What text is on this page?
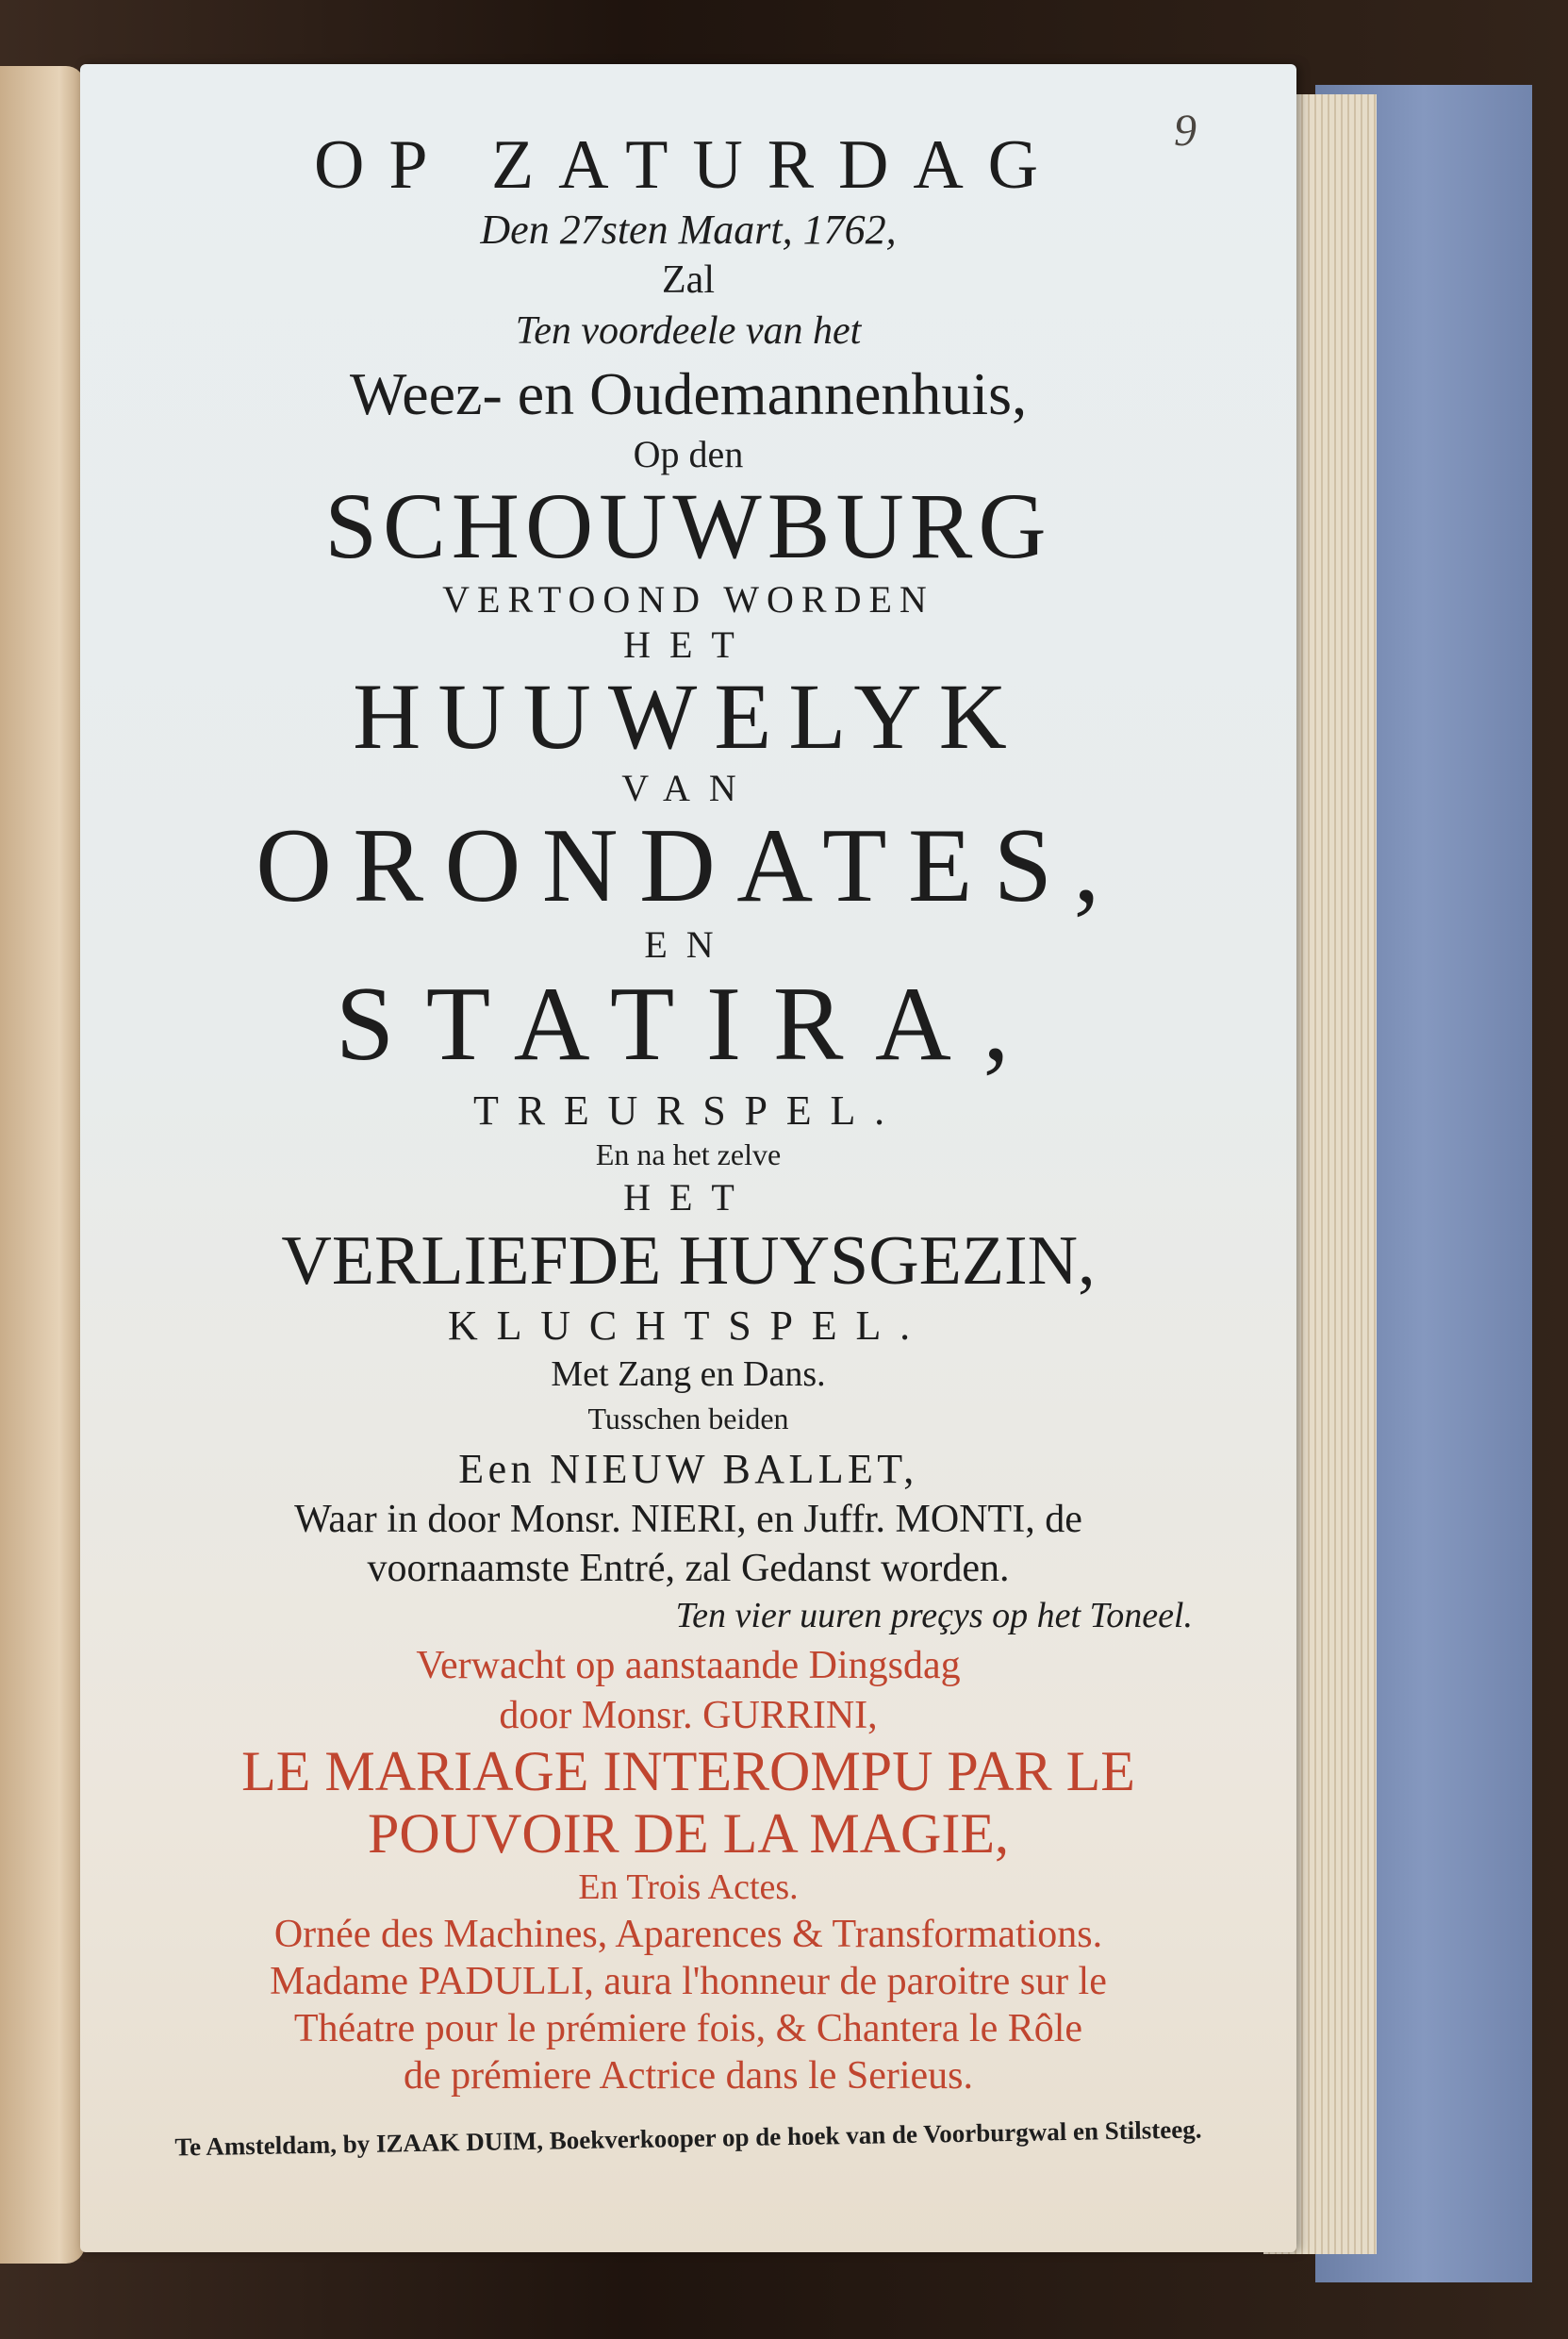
9
OP ZATURDAG
Den 27sten Maart, 1762,
Zal
Ten voordeele van het
Weez- en Oudemannenhuis,
Op den
SCHOUWBURG
VERTOOND WORDEN
HET
HUUWELYK
VAN
ORONDATES,
EN
STATIRA,
TREURSPEL.
En na het zelve
HET
VERLIEFDE HUYSGEZIN,
KLUCHTSPEL.
Met Zang en Dans.
Tusschen beiden
Een NIEUW BALLET,
Waar in door Monsr. NIERI, en Juffr. MONTI, de
voornaamste Entré, zal Gedanst worden.
Ten vier uuren preçys op het Toneel.
Verwacht op aanstaande Dingsdag
door Monsr. GURRINI,
LE MARIAGE INTEROMPU PAR LE
POUVOIR DE LA MAGIE,
En Trois Actes.
Ornée des Machines, Aparences & Transformations.
Madame PADULLI, aura l'honneur de paroitre sur le
Théatre pour le prémiere fois, & Chantera le Rôle
de prémiere Actrice dans le Serieus.
Te Amsteldam, by IZAAK DUIM, Boekverkooper op de hoek van de Voorburgwal en Stilsteeg.
